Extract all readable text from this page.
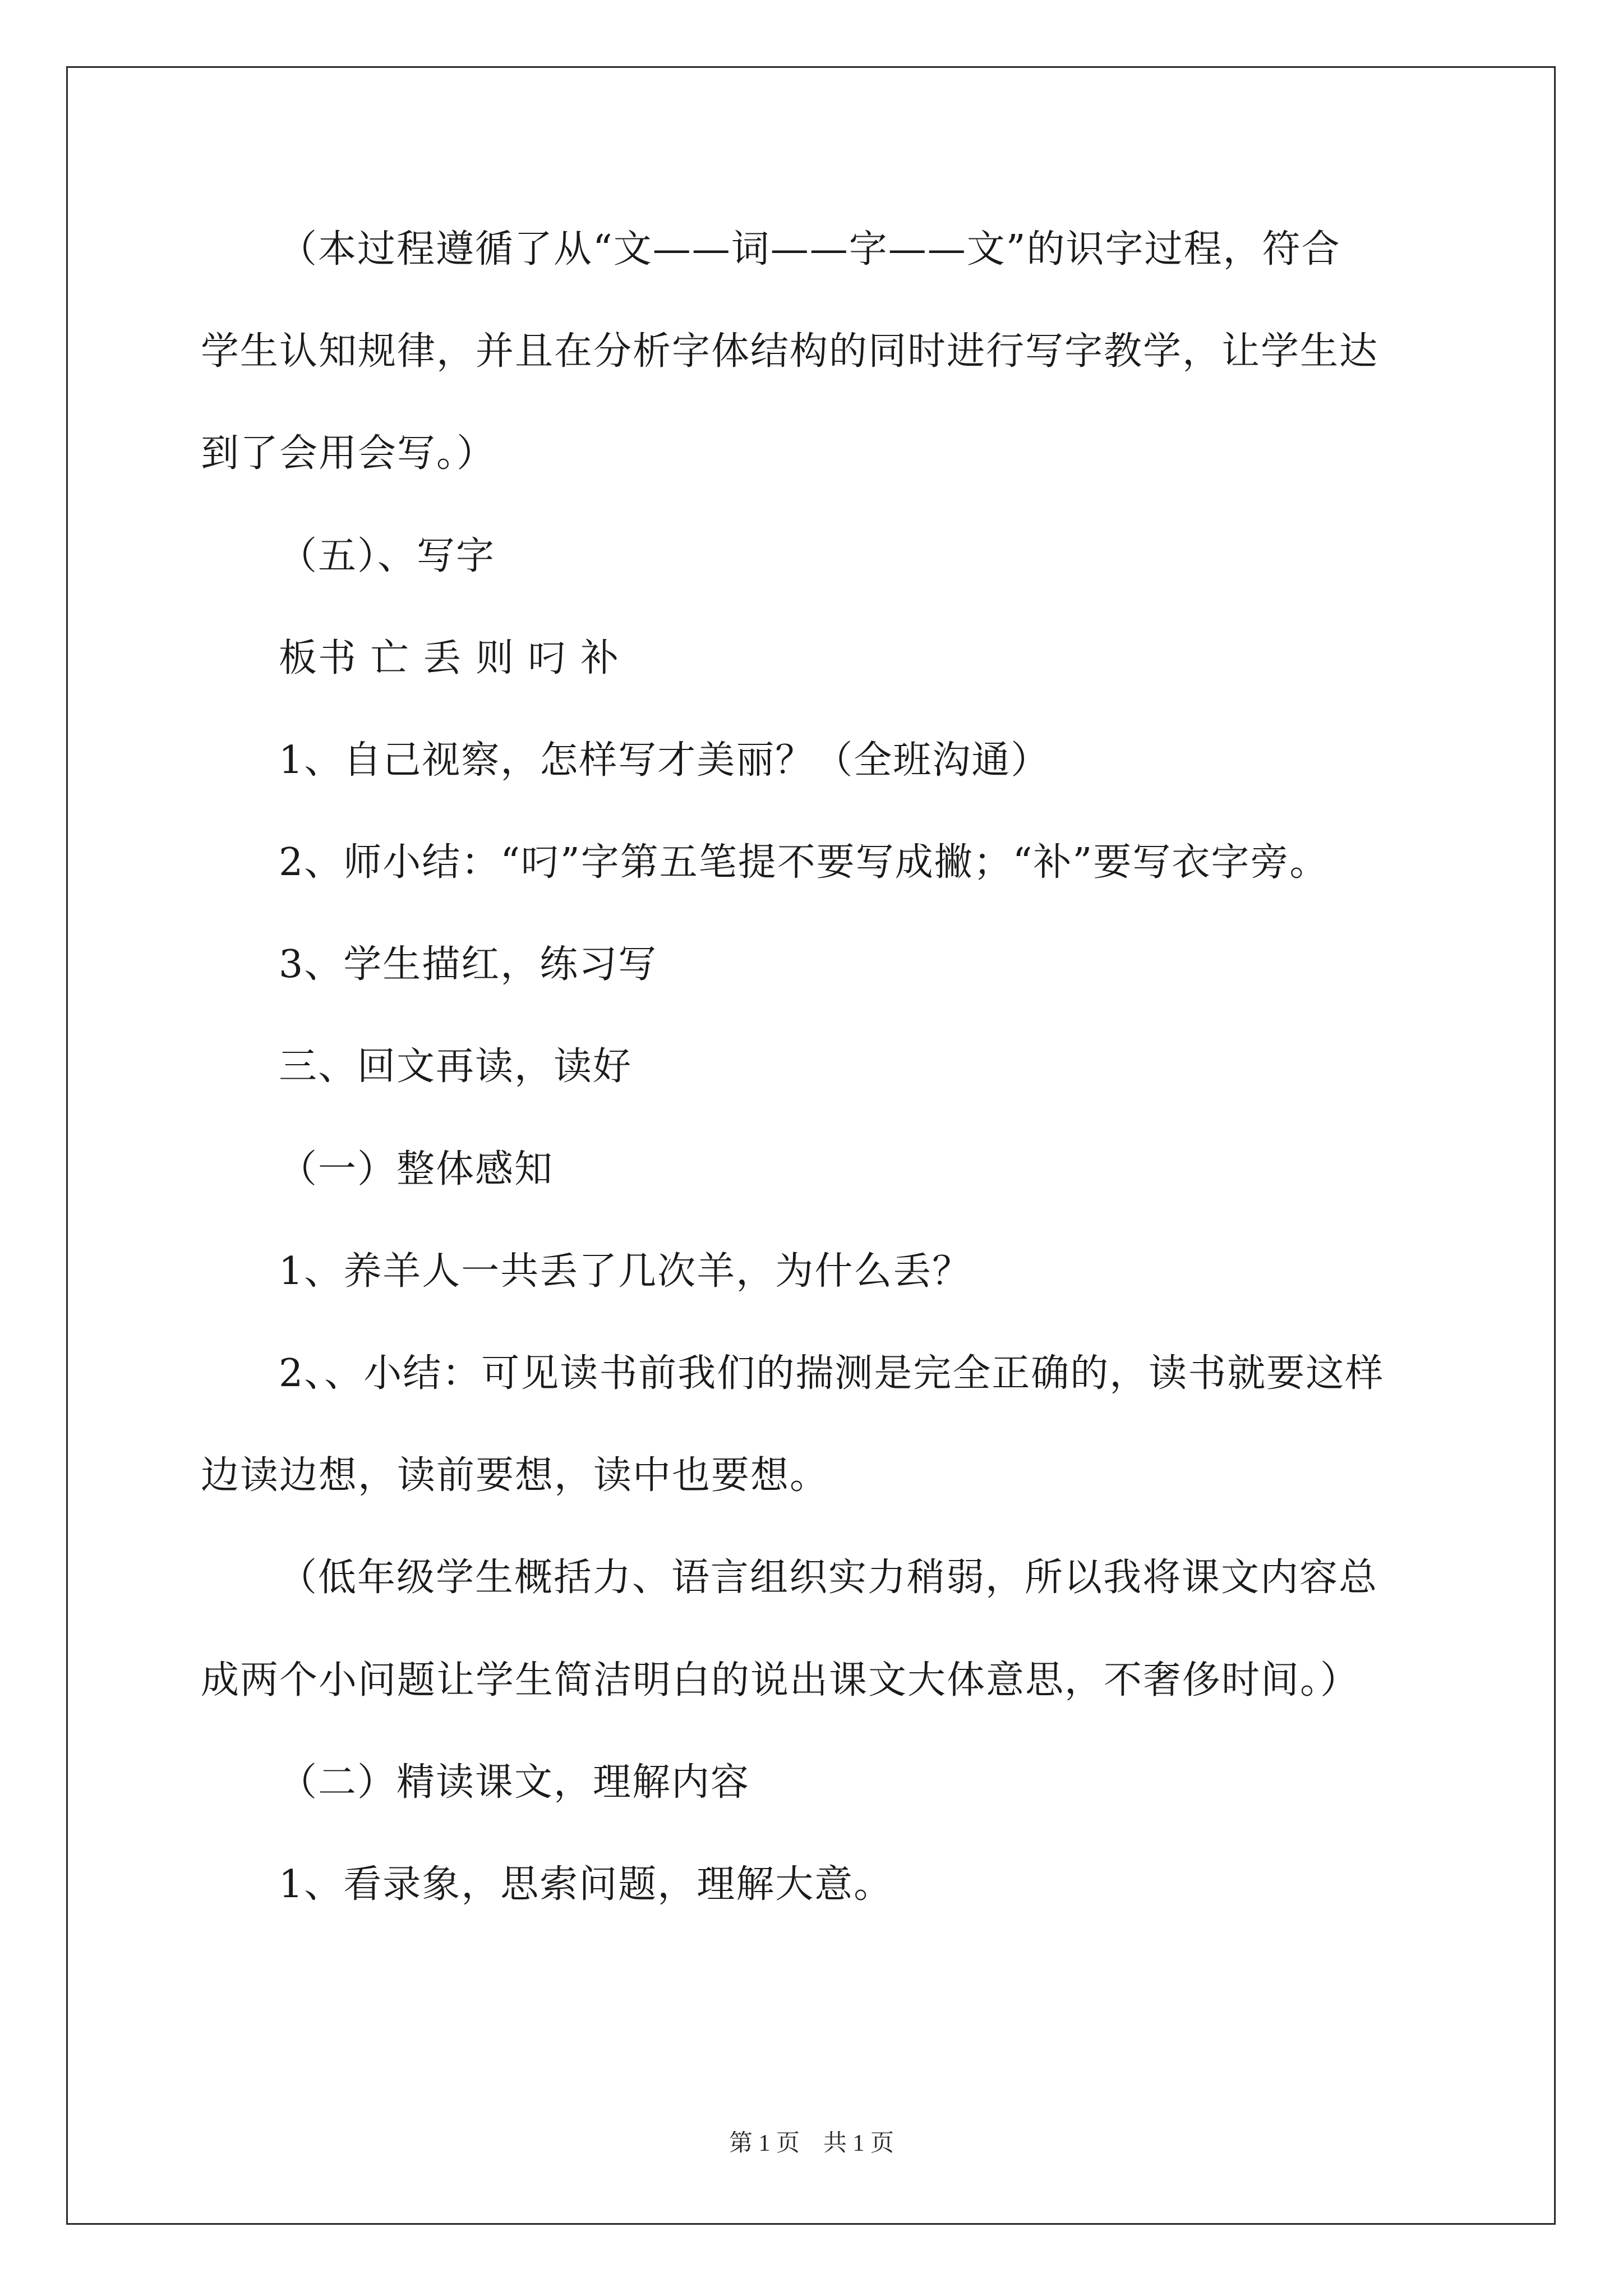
（本过程遵循了从“文——词——字——文”的识字过程，符合
学生认知规律，并且在分析字体结构的同时进行写字教学，让学生达
到了会用会写。）
（五）、写字
板书 亡 丢 则 叼 补
1、自己视察，怎样写才美丽？（全班沟通）
2、师小结：“叼”字第五笔提不要写成撇；“补”要写衣字旁。
3、学生描红，练习写
三、回文再读，读好
（一）整体感知
1、养羊人一共丢了几次羊，为什么丢？
2、、小结：可见读书前我们的揣测是完全正确的，读书就要这样
边读边想，读前要想，读中也要想。
（低年级学生概括力、语言组织实力稍弱，所以我将课文内容总
成两个小问题让学生简洁明白的说出课文大体意思，不奢侈时间。）
（二）精读课文，理解内容
1、看录象，思索问题，理解大意。
第 1 页　共 1 页
